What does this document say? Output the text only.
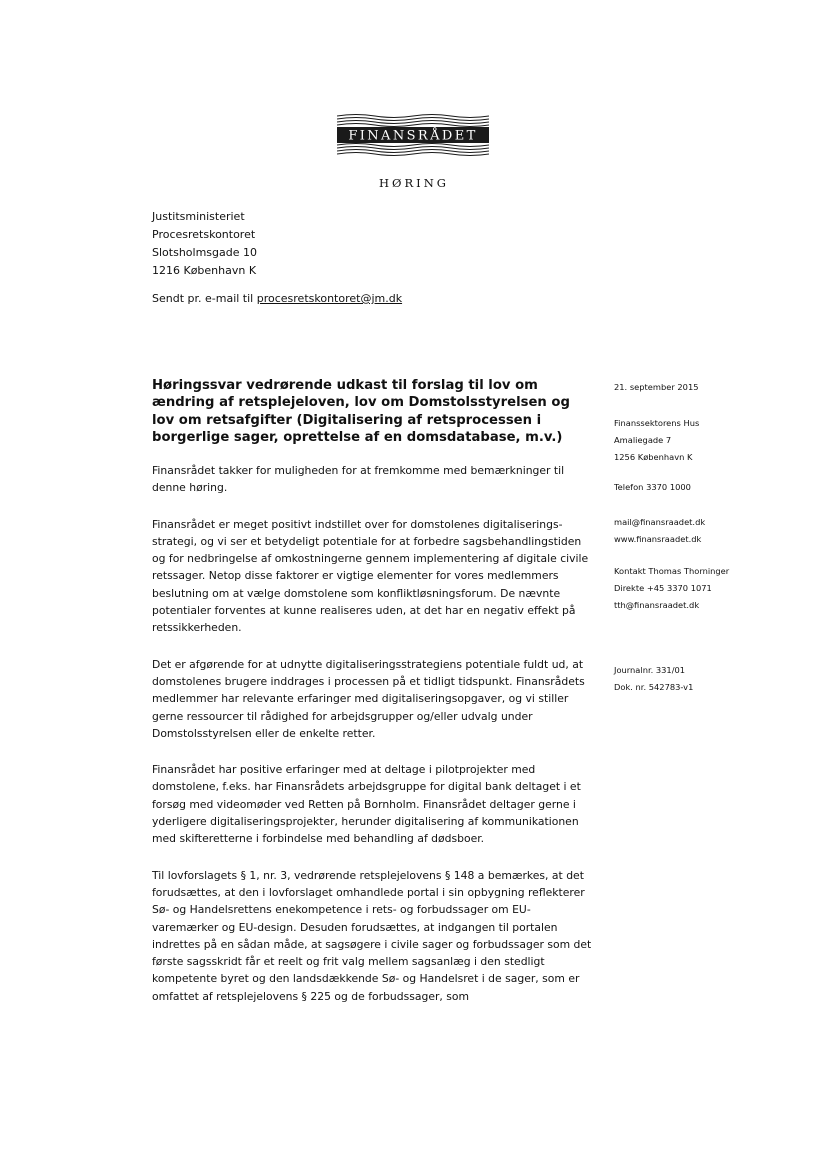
FINANSRÅDET
HØRING
Justitsministeriet
Procesretskontoret
Slotsholmsgade 10
1216 København K
Sendt pr. e-mail til procesretskontoret@jm.dk
Høringssvar vedrørende udkast til forslag til lov om ændring af retsplejeloven, lov om Domstolsstyrelsen og lov om retsafgifter (Digitalisering af retsprocessen i borgerlige sager, oprettelse af en domsdatabase, m.v.)

Finansrådet takker for muligheden for at fremkomme med bemærkninger til denne høring.

Finansrådet er meget positivt indstillet over for domstolenes digitaliseringsstrategi, og vi ser et betydeligt potentiale for at forbedre sagsbehandlingstiden og for nedbringelse af omkostningerne gennem implementering af digitale civile retssager. Netop disse faktorer er vigtige elementer for vores medlemmers beslutning om at vælge domstolene som konfliktløsningsforum. De nævnte potentialer forventes at kunne realiseres uden, at det har en negativ effekt på retssikkerheden.

Det er afgørende for at udnytte digitaliseringsstrategiens potentiale fuldt ud, at domstolenes brugere inddrages i processen på et tidligt tidspunkt. Finansrådets medlemmer har relevante erfaringer med digitaliseringsopgaver, og vi stiller gerne ressourcer til rådighed for arbejdsgrupper og/eller udvalg under Domstolsstyrelsen eller de enkelte retter.

Finansrådet har positive erfaringer med at deltage i pilotprojekter med domstolene, f.eks. har Finansrådets arbejdsgruppe for digital bank deltaget i et forsøg med videomøder ved Retten på Bornholm. Finansrådet deltager gerne i yderligere digitaliseringsprojekter, herunder digitalisering af kommunikationen med skifteretterne i forbindelse med behandling af dødsboer.

Til lovforslagets § 1, nr. 3, vedrørende retsplejelovens § 148 a bemærkes, at det forudsættes, at den i lovforslaget omhandlede portal i sin opbygning reflekterer Sø- og Handelsrettens enekompetence i rets- og forbudssager om EU-varemærker og EU-design. Desuden forudsættes, at indgangen til portalen indrettes på en sådan måde, at sagsøgere i civile sager og forbudssager som det første sagsskridt får et reelt og frit valg mellem sagsanlæg i den stedligt kompetente byret og den landsdækkende Sø- og Handelsret i de sager, som er omfattet af retsplejelovens § 225 og de forbudssager, som

21. september 2015
Finanssektorens Hus
Amaliegade 7
1256 København K
Telefon 3370 1000
mail@finansraadet.dk
www.finansraadet.dk
Kontakt Thomas Thorninger
Direkte +45 3370 1071
tth@finansraadet.dk
Journalnr. 331/01
Dok. nr. 542783-v1
